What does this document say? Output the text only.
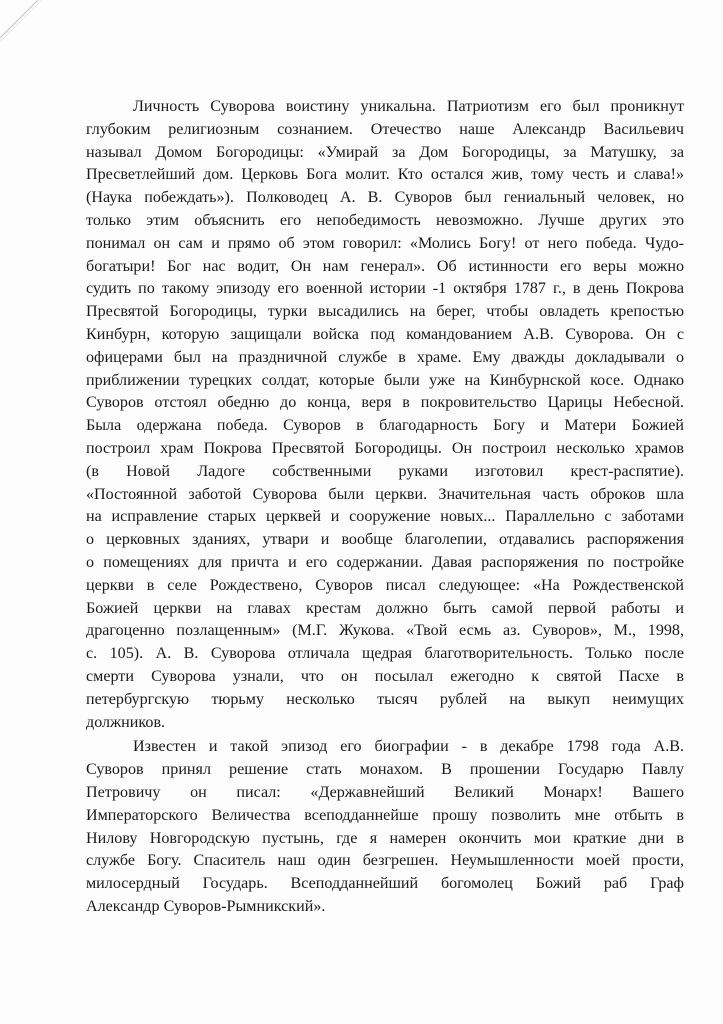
Личность Суворова воистину уникальна. Патриотизм его был проникнут
глубоким религиозным сознанием. Отечество наше Александр Васильевич
называл Домом Богородицы: «Умирай за Дом Богородицы, за Матушку, за
Пресветлейший дом. Церковь Бога молит. Кто остался жив, тому честь и слава!»
(Наука побеждать»). Полководец А. В. Суворов был гениальный человек, но
только этим объяснить его непобедимость невозможно. Лучше других это
понимал он сам и прямо об этом говорил: «Молись Богу! от него победа. Чудо-
богатыри! Бог нас водит, Он нам генерал». Об истинности его веры можно
судить по такому эпизоду его военной истории -1 октября 1787 г., в день Покрова
Пресвятой Богородицы, турки высадились на берег, чтобы овладеть крепостью
Кинбурн, которую защищали войска под командованием А.В. Суворова. Он с
офицерами был на праздничной службе в храме. Ему дважды докладывали о
приближении турецких солдат, которые были уже на Кинбурнской косе. Однако
Суворов отстоял обедню до конца, веря в покровительство Царицы Небесной.
Была одержана победа. Суворов в благодарность Богу и Матери Божией
построил храм Покрова Пресвятой Богородицы. Он построил несколько храмов
(в Новой Ладоге собственными руками изготовил крест-распятие).
«Постоянной заботой Суворова были церкви. Значительная часть оброков шла
на исправление старых церквей и сооружение новых... Параллельно с заботами
о церковных зданиях, утвари и вообще благолепии, отдавались распоряжения
о помещениях для причта и его содержании. Давая распоряжения по постройке
церкви в селе Рождествено, Суворов писал следующее: «На Рождественской
Божией церкви на главах крестам должно быть самой первой работы и
драгоценно позлащенным» (М.Г. Жукова. «Твой есмь аз. Суворов», М., 1998,
с. 105). А. В. Суворова отличала щедрая благотворительность. Только после
смерти Суворова узнали, что он посылал ежегодно к святой Пасхе в
петербургскую тюрьму несколько тысяч рублей на выкуп неимущих
должников.
Известен и такой эпизод его биографии - в декабре 1798 года А.В.
Суворов принял решение стать монахом. В прошении Государю Павлу
Петровичу он писал: «Державнейший Великий Монарх! Вашего
Императорского Величества всеподданнейше прошу позволить мне отбыть в
Нилову Новгородскую пустынь, где я намерен окончить мои краткие дни в
службе Богу. Спаситель наш один безгрешен. Неумышленности моей прости,
милосердный Государь. Всеподданнейший богомолец Божий раб Граф
Александр Суворов-Рымникский».
